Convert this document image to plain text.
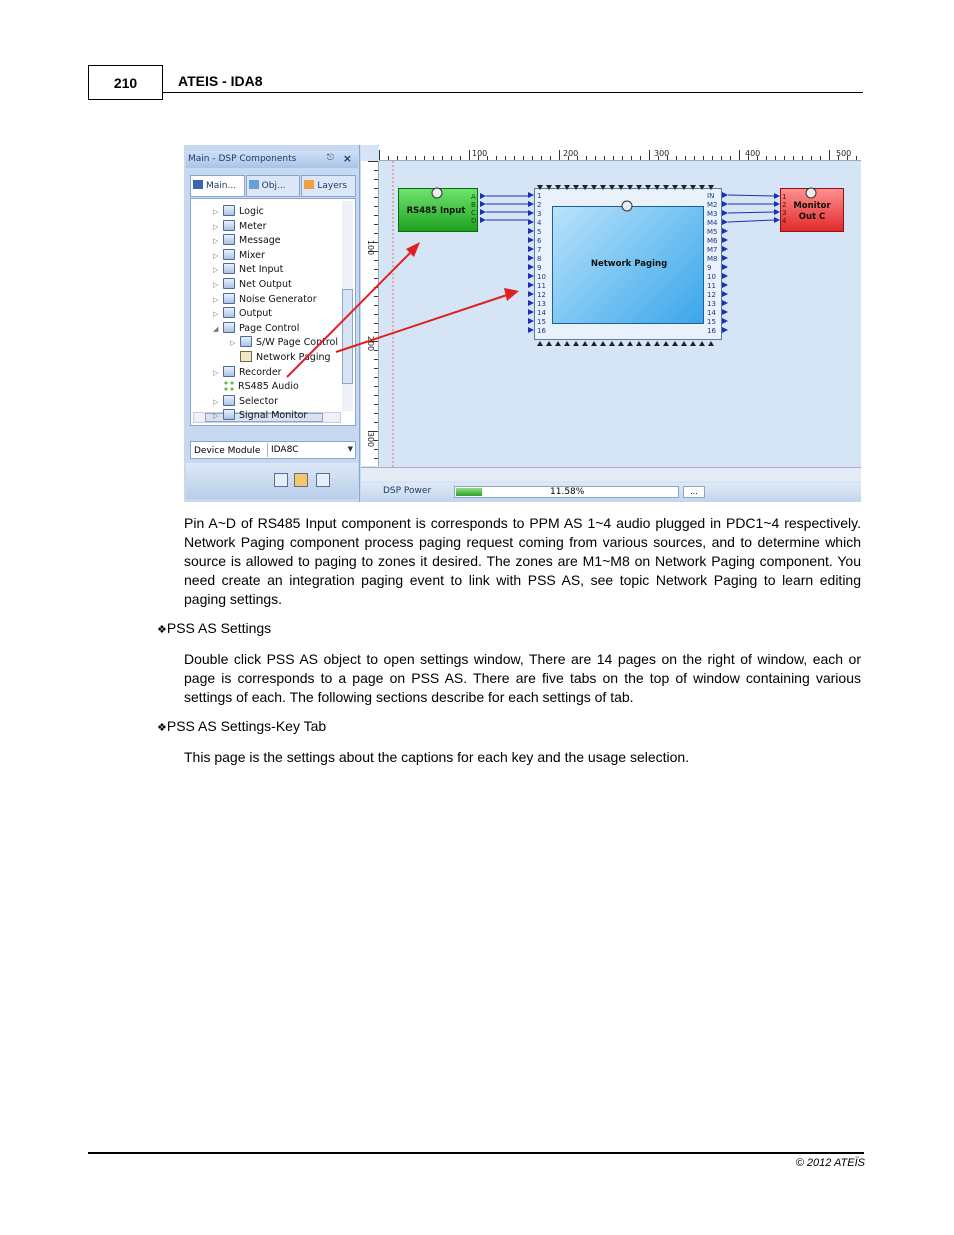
210	ATEIS - IDA8
Main - DSP Components	⎋ ×
Main...	Obj...	Layers
▷ Logic
▷ Meter
▷ Message
▷ Mixer
▷ Net Input
▷ Net Output
▷ Noise Generator
▷ Output
◢ Page Control
▷ S/W Page Control
Network Paging
▷ Recorder
RS485 Audio
▷ Selector
▷ Signal Monitor
Device Module	IDA8C	▼
100	200	300	400	500
100
200
300
DSP Power	11.58%	...
RS485 Input
Network Paging
Monitor
Out C
A
B
C
D
1
2
3
4
5
6
7
8
9
10
11
12
13
14
15
16
IN
M2
M3
M4
M5
M6
M7
M8
9
10
11
12
13
14
15
16
1
2
3
4
Pin A~D of RS485 Input component is corresponds to PPM AS 1~4 audio plugged in PDC1~4 respectively. Network Paging component process paging request coming from various sources, and to determine which source is allowed to paging to zones it desired. The zones are M1~M8 on Network Paging component. You need create an integration paging event to link with PSS AS, see topic Network Paging to learn editing paging settings.
❖PSS AS Settings
Double click PSS AS object to open settings window, There are 14 pages on the right of window, each or page is corresponds to a page on PSS AS. There are five tabs on the top of window containing various settings of each. The following sections describe for each settings of tab.
❖PSS AS Settings-Key Tab
This page is the settings about the captions for each key and the usage selection.
© 2012 ATEÏS
